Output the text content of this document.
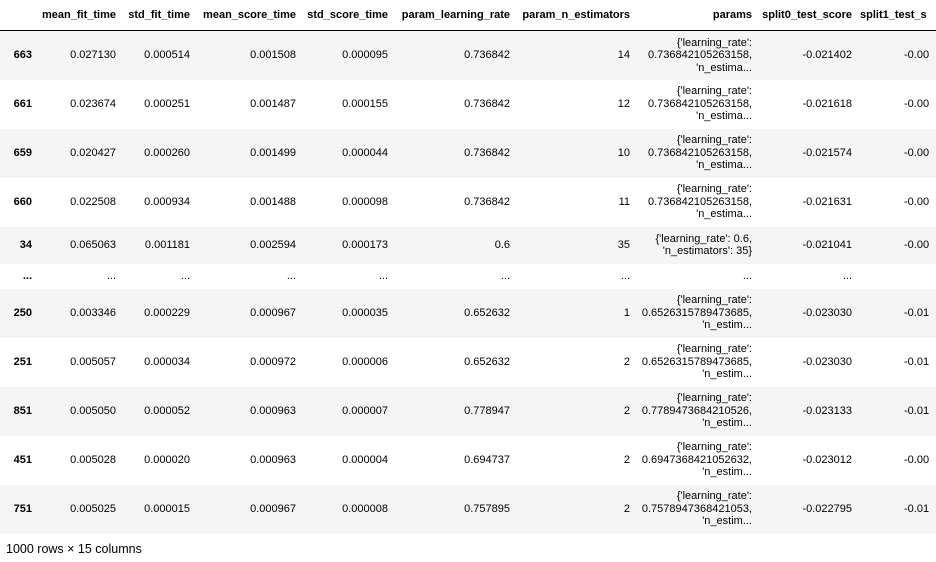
	mean_fit_time	std_fit_time	mean_score_time	std_score_time	param_learning_rate	param_n_estimators	params	split0_test_score	split1_test_s
663	0.027130	0.000514	0.001508	0.000095	0.736842	14	{'learning_rate':
0.736842105263158,
'n_estima...	-0.021402	-0.00
661	0.023674	0.000251	0.001487	0.000155	0.736842	12	{'learning_rate':
0.736842105263158,
'n_estima...	-0.021618	-0.00
659	0.020427	0.000260	0.001499	0.000044	0.736842	10	{'learning_rate':
0.736842105263158,
'n_estima...	-0.021574	-0.00
660	0.022508	0.000934	0.001488	0.000098	0.736842	11	{'learning_rate':
0.736842105263158,
'n_estima...	-0.021631	-0.00
34	0.065063	0.001181	0.002594	0.000173	0.6	35	{'learning_rate': 0.6,
'n_estimators': 35}	-0.021041	-0.00
...	...	...	...	...	...	...	...	...	
250	0.003346	0.000229	0.000967	0.000035	0.652632	1	{'learning_rate':
0.6526315789473685,
'n_estim...	-0.023030	-0.01
251	0.005057	0.000034	0.000972	0.000006	0.652632	2	{'learning_rate':
0.6526315789473685,
'n_estim...	-0.023030	-0.01
851	0.005050	0.000052	0.000963	0.000007	0.778947	2	{'learning_rate':
0.7789473684210526,
'n_estim...	-0.023133	-0.01
451	0.005028	0.000020	0.000963	0.000004	0.694737	2	{'learning_rate':
0.6947368421052632,
'n_estim...	-0.023012	-0.00
751	0.005025	0.000015	0.000967	0.000008	0.757895	2	{'learning_rate':
0.7578947368421053,
'n_estim...	-0.022795	-0.01
1000 rows × 15 columns
